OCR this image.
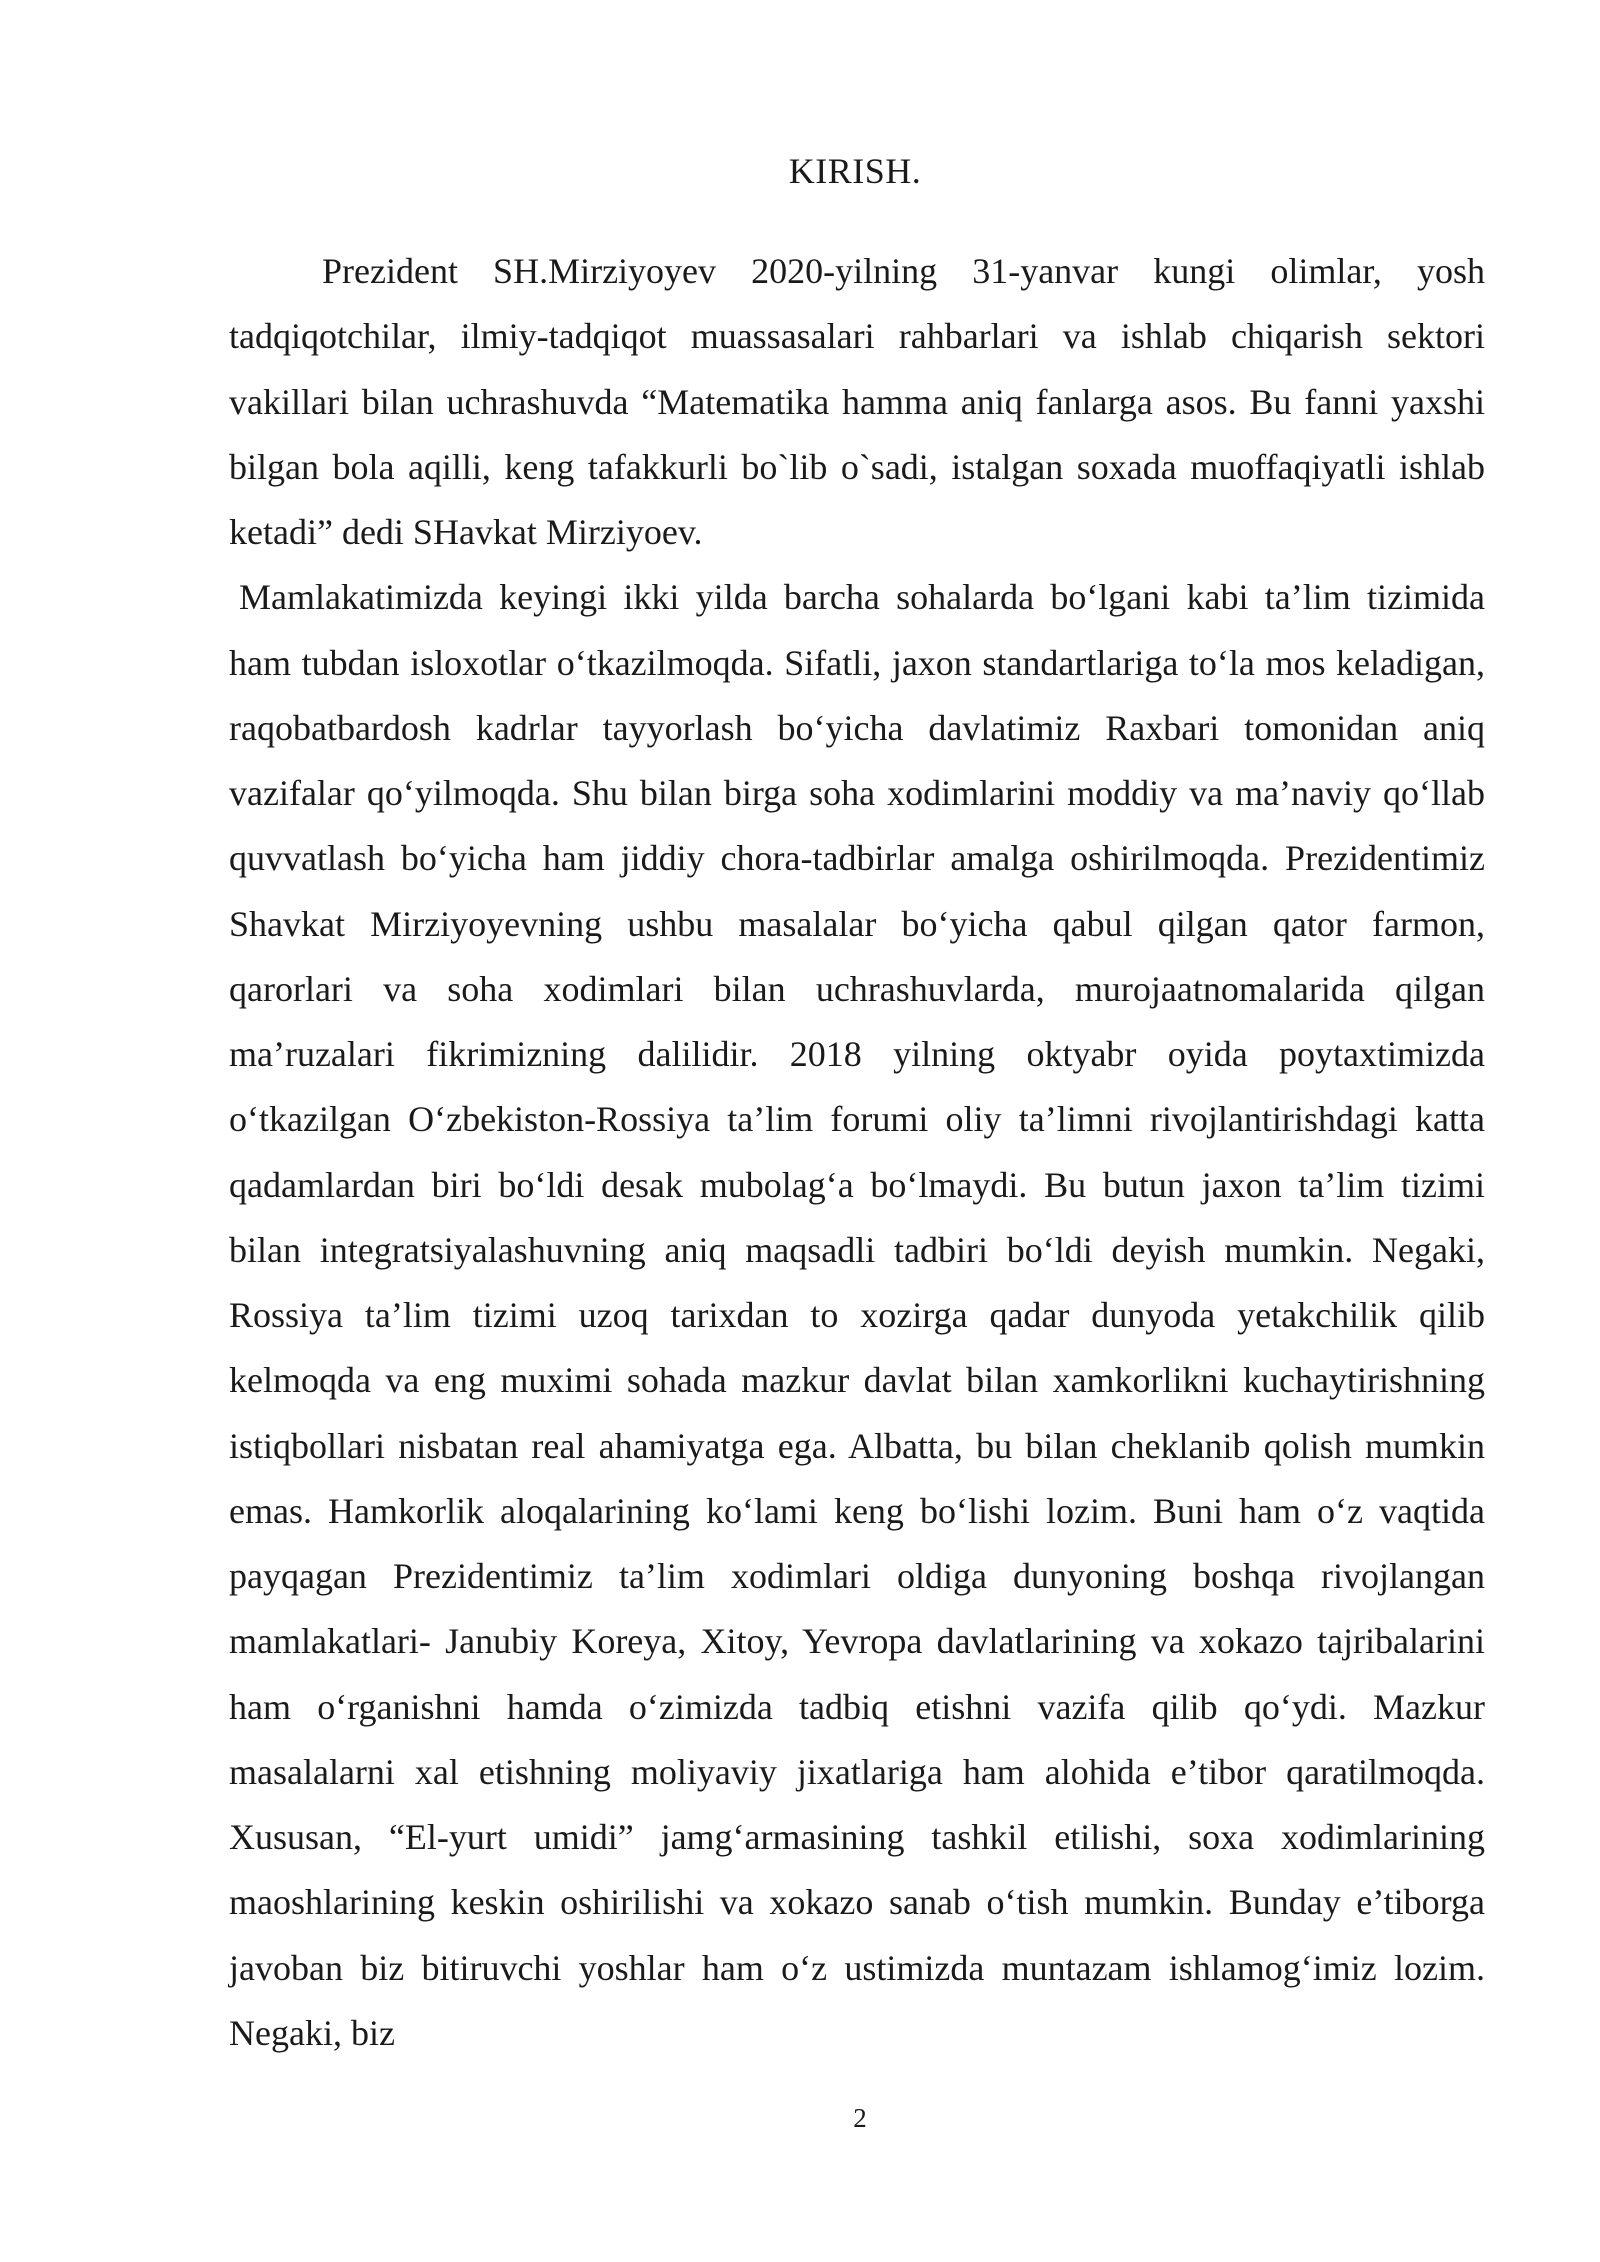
KIRISH.

Prezident SH.Mirziyoyev 2020-yilning 31-yanvar kungi olimlar, yosh tadqiqotchilar, ilmiy-tadqiqot muassasalari rahbarlari va ishlab chiqarish sektori vakillari bilan uchrashuvda “Matematika hamma aniq fanlarga asos. Bu fanni yaxshi bilgan bola aqilli, keng tafakkurli bo`lib o`sadi, istalgan soxada muoffaqiyatli ishlab ketadi” dedi SHavkat Mirziyoev.

Mamlakatimizda keyingi ikki yilda barcha sohalarda bo‘lgani kabi ta’lim tizimida ham tubdan isloxotlar o‘tkazilmoqda. Sifatli, jaxon standartlariga to‘la mos keladigan, raqobatbardosh kadrlar tayyorlash bo‘yicha davlatimiz Raxbari tomonidan aniq vazifalar qo‘yilmoqda. Shu bilan birga soha xodimlarini moddiy va ma’naviy qo‘llab quvvatlash bo‘yicha ham jiddiy chora-tadbirlar amalga oshirilmoqda. Prezidentimiz Shavkat Mirziyoyevning ushbu masalalar bo‘yicha qabul qilgan qator farmon, qarorlari va soha xodimlari bilan uchrashuvlarda, murojaatnomalarida qilgan ma’ruzalari fikrimizning dalilidir. 2018 yilning oktyabr oyida poytaxtimizda o‘tkazilgan O‘zbekiston-Rossiya ta’lim forumi oliy ta’limni rivojlantirishdagi katta qadamlardan biri bo‘ldi desak mubolag‘a bo‘lmaydi. Bu butun jaxon ta’lim tizimi bilan integratsiyalashuvning aniq maqsadli tadbiri bo‘ldi deyish mumkin. Negaki, Rossiya ta’lim tizimi uzoq tarixdan to xozirga qadar dunyoda yetakchilik qilib kelmoqda va eng muximi sohada mazkur davlat bilan xamkorlikni kuchaytirishning istiqbollari nisbatan real ahamiyatga ega. Albatta, bu bilan cheklanib qolish mumkin emas. Hamkorlik aloqalarining ko‘lami keng bo‘lishi lozim. Buni ham o‘z vaqtida payqagan Prezidentimiz ta’lim xodimlari oldiga dunyoning boshqa rivojlangan mamlakatlari- Janubiy Koreya, Xitoy, Yevropa davlatlarining va xokazo tajribalarini ham o‘rganishni hamda o‘zimizda tadbiq etishni vazifa qilib qo‘ydi. Mazkur masalalarni xal etishning moliyaviy jixatlariga ham alohida e’tibor qaratilmoqda. Xususan, “El-yurt umidi” jamg‘armasining tashkil etilishi, soxa xodimlarining maoshlarining keskin oshirilishi va xokazo sanab o‘tish mumkin. Bunday e’tiborga javoban biz bitiruvchi yoshlar ham o‘z ustimizda muntazam ishlamog‘imiz lozim. Negaki, biz

2
